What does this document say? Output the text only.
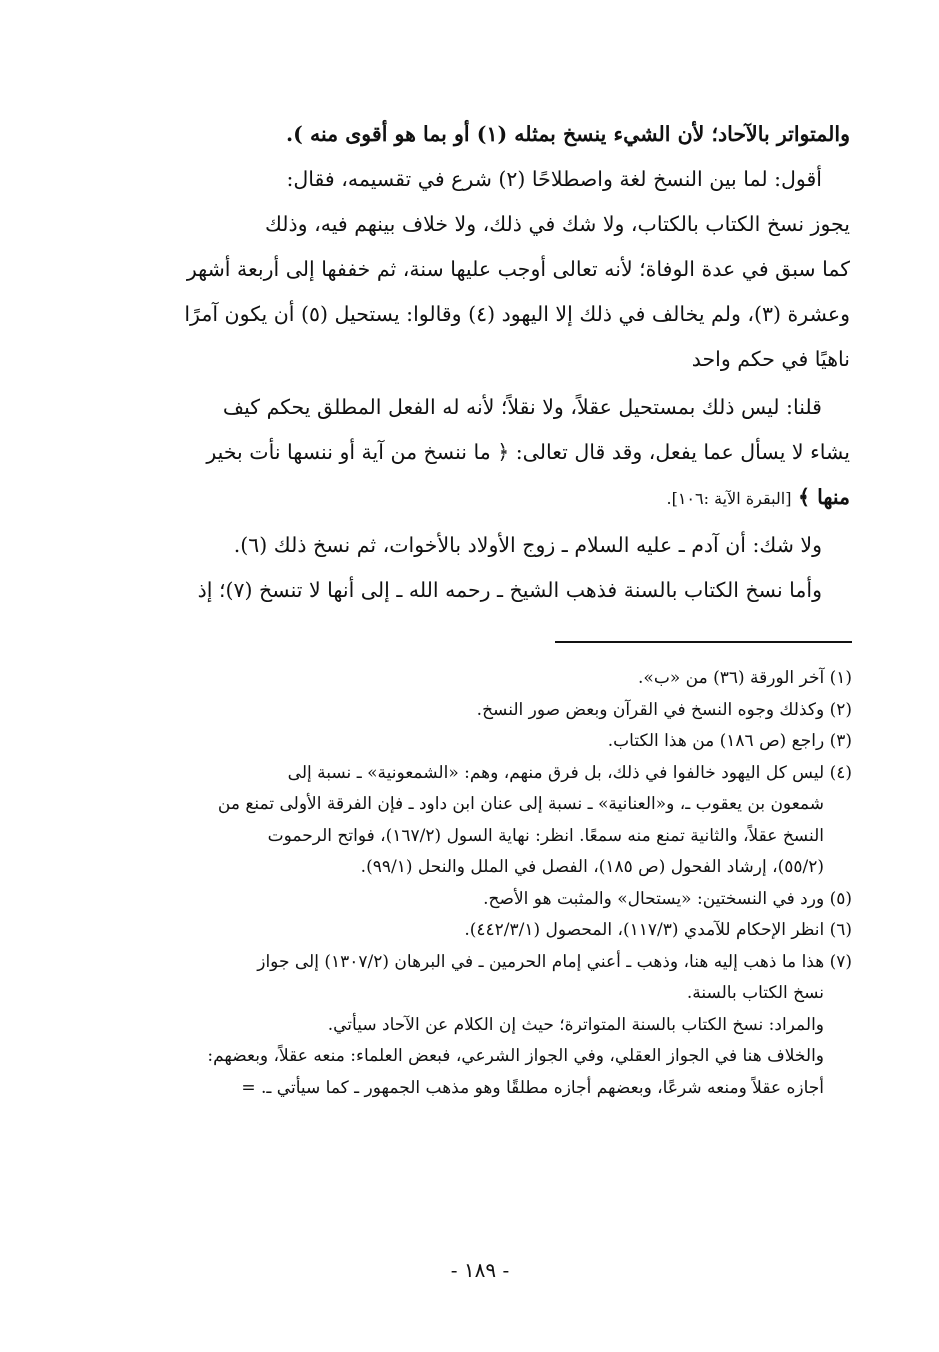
والمتواتر بالآحاد؛ لأن الشيء ينسخ بمثله (١) أو بما هو أقوى منه ).
أقول: لما بين النسخ لغة واصطلاحًا (٢) شرع في تقسيمه، فقال:
يجوز نسخ الكتاب بالكتاب، ولا شك في ذلك، ولا خلاف بينهم فيه، وذلك
كما سبق في عدة الوفاة؛ لأنه تعالى أوجب عليها سنة، ثم خففها إلى أربعة أشهر
وعشرة (٣)، ولم يخالف في ذلك إلا اليهود (٤) وقالوا: يستحيل (٥) أن يكون آمرًا
ناهيًا في حكم واحد
قلنا: ليس ذلك بمستحيل عقلاً، ولا نقلاً؛ لأنه له الفعل المطلق يحكم كيف
يشاء لا يسأل عما يفعل، وقد قال تعالى: ﴿ ما ننسخ من آية أو ننسها نأت بخير
منها ﴾ [البقرة الآية :١٠٦].
ولا شك: أن آدم ـ عليه السلام ـ زوج الأولاد بالأخوات، ثم نسخ ذلك (٦).
وأما نسخ الكتاب بالسنة فذهب الشيخ ـ رحمه الله ـ إلى أنها لا تنسخ (٧)؛ إذ
(١) آخر الورقة (٣٦) من «ب».
(٢) وكذلك وجوه النسخ في القرآن وبعض صور النسخ.
(٣) راجع (ص ١٨٦) من هذا الكتاب.
(٤) ليس كل اليهود خالفوا في ذلك، بل فرق منهم، وهم: «الشمعونية» ـ نسبة إلى
شمعون بن يعقوب ـ، و«العنانية» ـ نسبة إلى عنان ابن داود ـ فإن الفرقة الأولى تمنع من
النسخ عقلاً، والثانية تمنع منه سمعًا. انظر: نهاية السول (١٦٧/٢)، فواتح الرحموت
(٥٥/٢)، إرشاد الفحول (ص ١٨٥)، الفصل في الملل والنحل (٩٩/١).
(٥) ورد في النسختين: «يستحال» والمثبت هو الأصح.
(٦) انظر الإحكام للآمدي (١١٧/٣)، المحصول (٤٤٢/٣/١).
(٧) هذا ما ذهب إليه هنا، وذهب ـ أعني إمام الحرمين ـ في البرهان (١٣٠٧/٢) إلى جواز
نسخ الكتاب بالسنة.
والمراد: نسخ الكتاب بالسنة المتواترة؛ حيث إن الكلام عن الآحاد سيأتي.
والخلاف هنا في الجواز العقلي، وفي الجواز الشرعي، فبعض العلماء: منعه عقلاً، وبعضهم:
أجازه عقلاً ومنعه شرعًا، وبعضهم أجازه مطلقًا وهو مذهب الجمهور ـ كما سيأتي ـ. =
- ١٨٩ -
